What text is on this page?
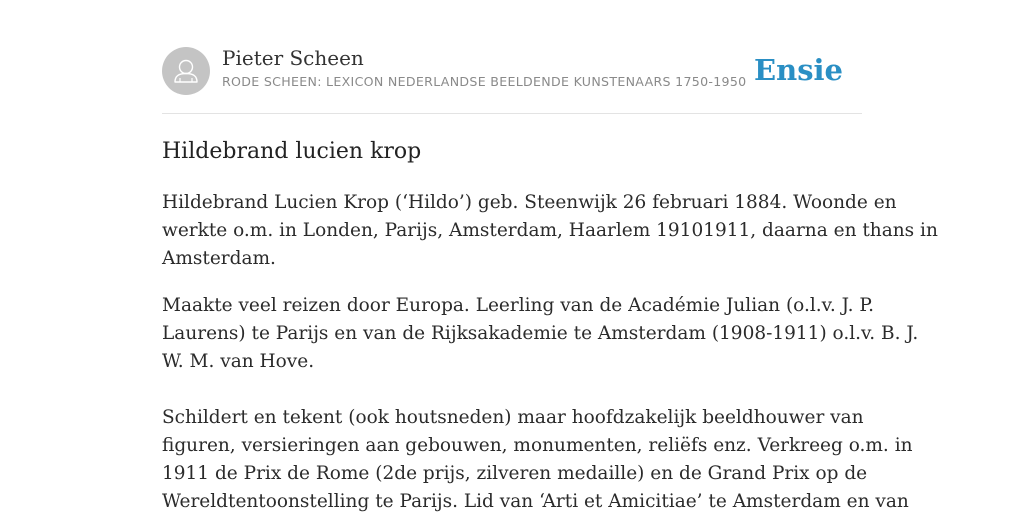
Pieter Scheen
RODE SCHEEN: LEXICON NEDERLANDSE BEELDENDE KUNSTENAARS 1750-1950 Ensie
Hildebrand lucien krop

Hildebrand Lucien Krop (‘Hildo’) geb. Steenwijk 26 februari 1884. Woonde en

werkte o.m. in Londen, Parijs, Amsterdam, Haarlem 19101911, daarna en thans in

Amsterdam.

Maakte veel reizen door Europa. Leerling van de Académie Julian (o.l.v. J. P.

Laurens) te Parijs en van de Rijksakademie te Amsterdam (1908-1911) o.l.v. B. J.

W. M. van Hove.

Schildert en tekent (ook houtsneden) maar hoofdzakelijk beeldhouwer van

figuren, versieringen aan gebouwen, monumenten, reliëfs enz. Verkreeg o.m. in

1911 de Prix de Rome (2de prijs, zilveren medaille) en de Grand Prix op de

Wereldtentoonstelling te Parijs. Lid van ‘Arti et Amicitiae’ te Amsterdam en van
